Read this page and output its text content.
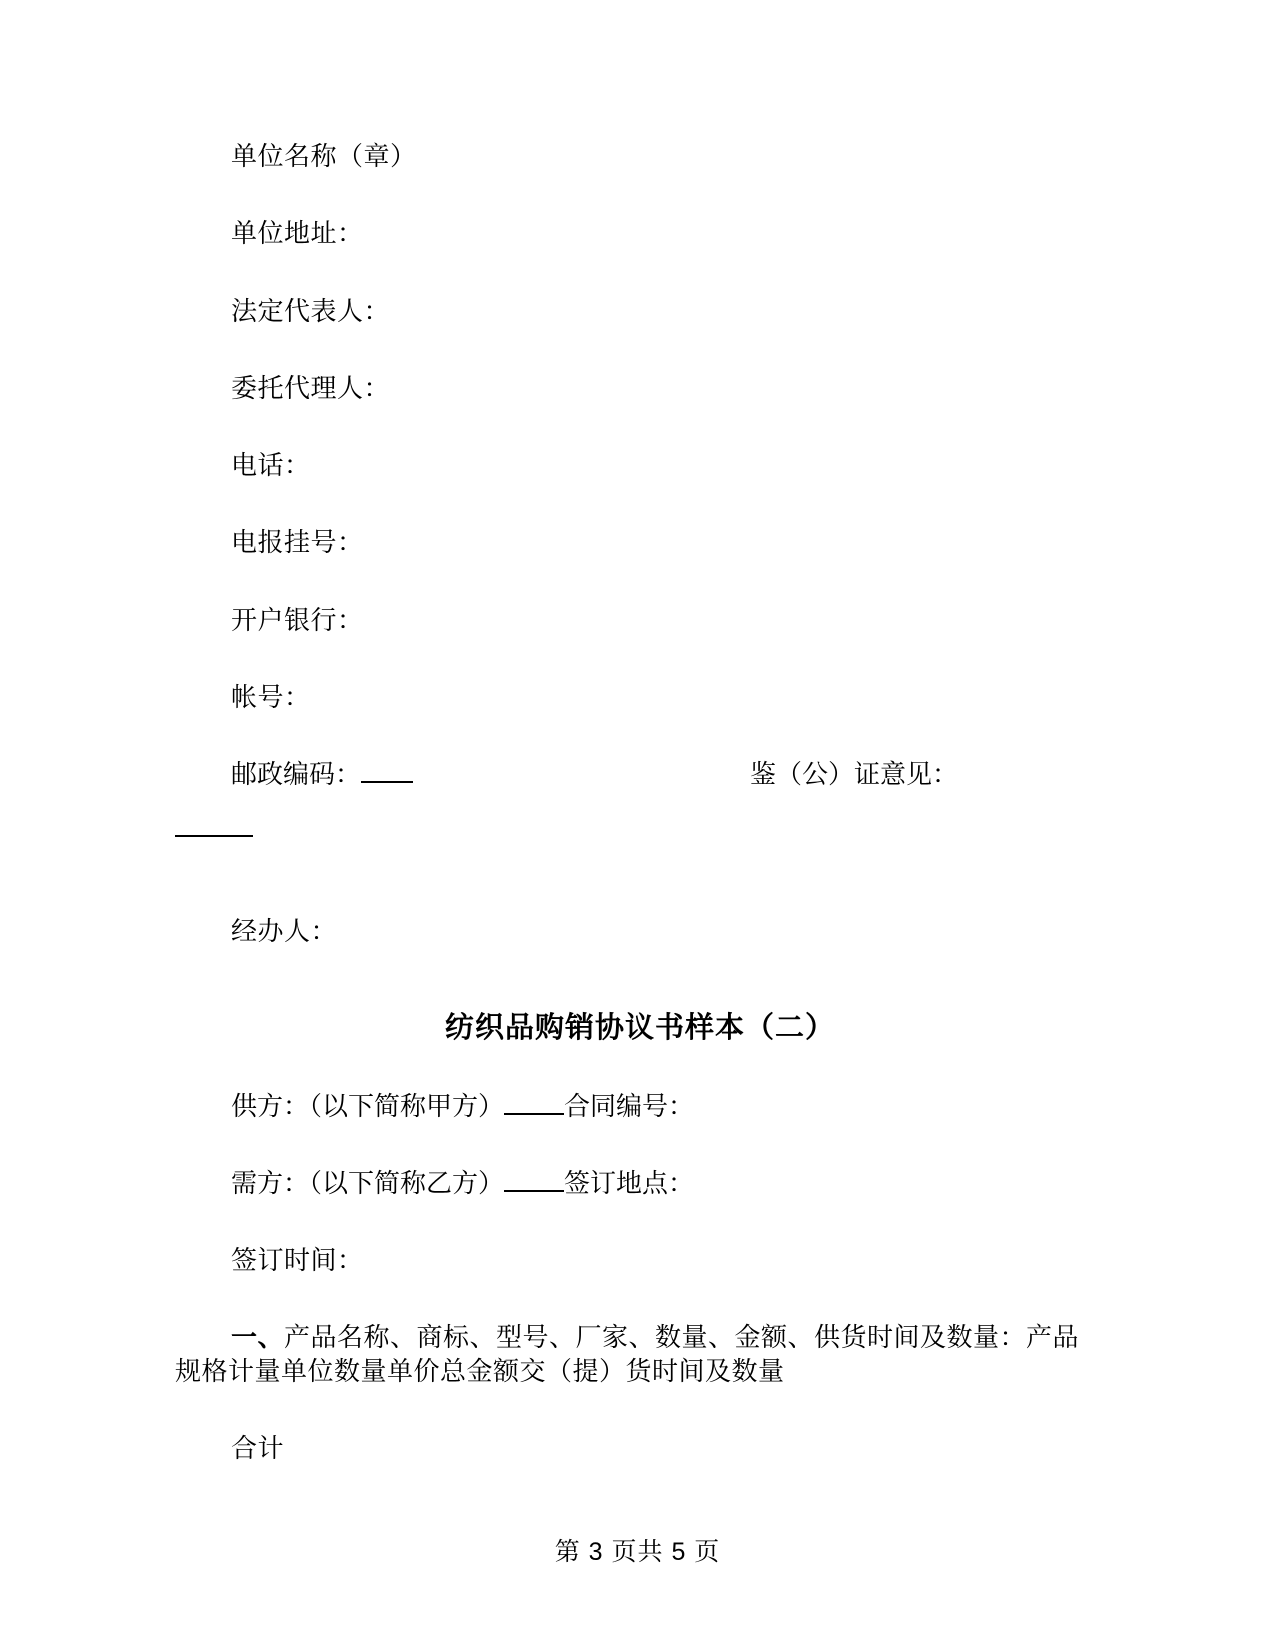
单位名称（章）

单位地址：

法定代表人：

委托代理人：

电话：

电报挂号：

开户银行：

帐号：

邮政编码：	鉴（公）证意见：

经办人：

纺织品购销协议书样本（二）
供方：（以下简称甲方） 合同编号：
需方：（以下简称乙方） 签订地点：

签订时间：

一、产品名称、商标、型号、厂家、数量、金额、供货时间及数量：产品规格计量单位数量单价总金额交（提）货时间及数量

合计

第 3 页共 5 页
